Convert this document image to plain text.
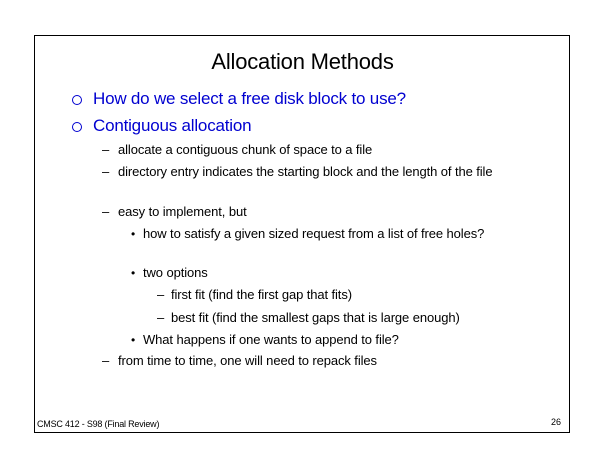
Allocation Methods
How do we select a free disk block to use?
Contiguous allocation
– allocate a contiguous chunk of space to a file
– directory entry indicates the starting block and the length of the file
– easy to implement, but
• how to satisfy a given sized request from a list of free holes?
• two options
– first fit (find the first gap that fits)
– best fit (find the smallest gaps that is large enough)
• What happens if one wants to append to file?
– from time to time, one will need to repack files
CMSC 412 - S98 (Final Review)	26
